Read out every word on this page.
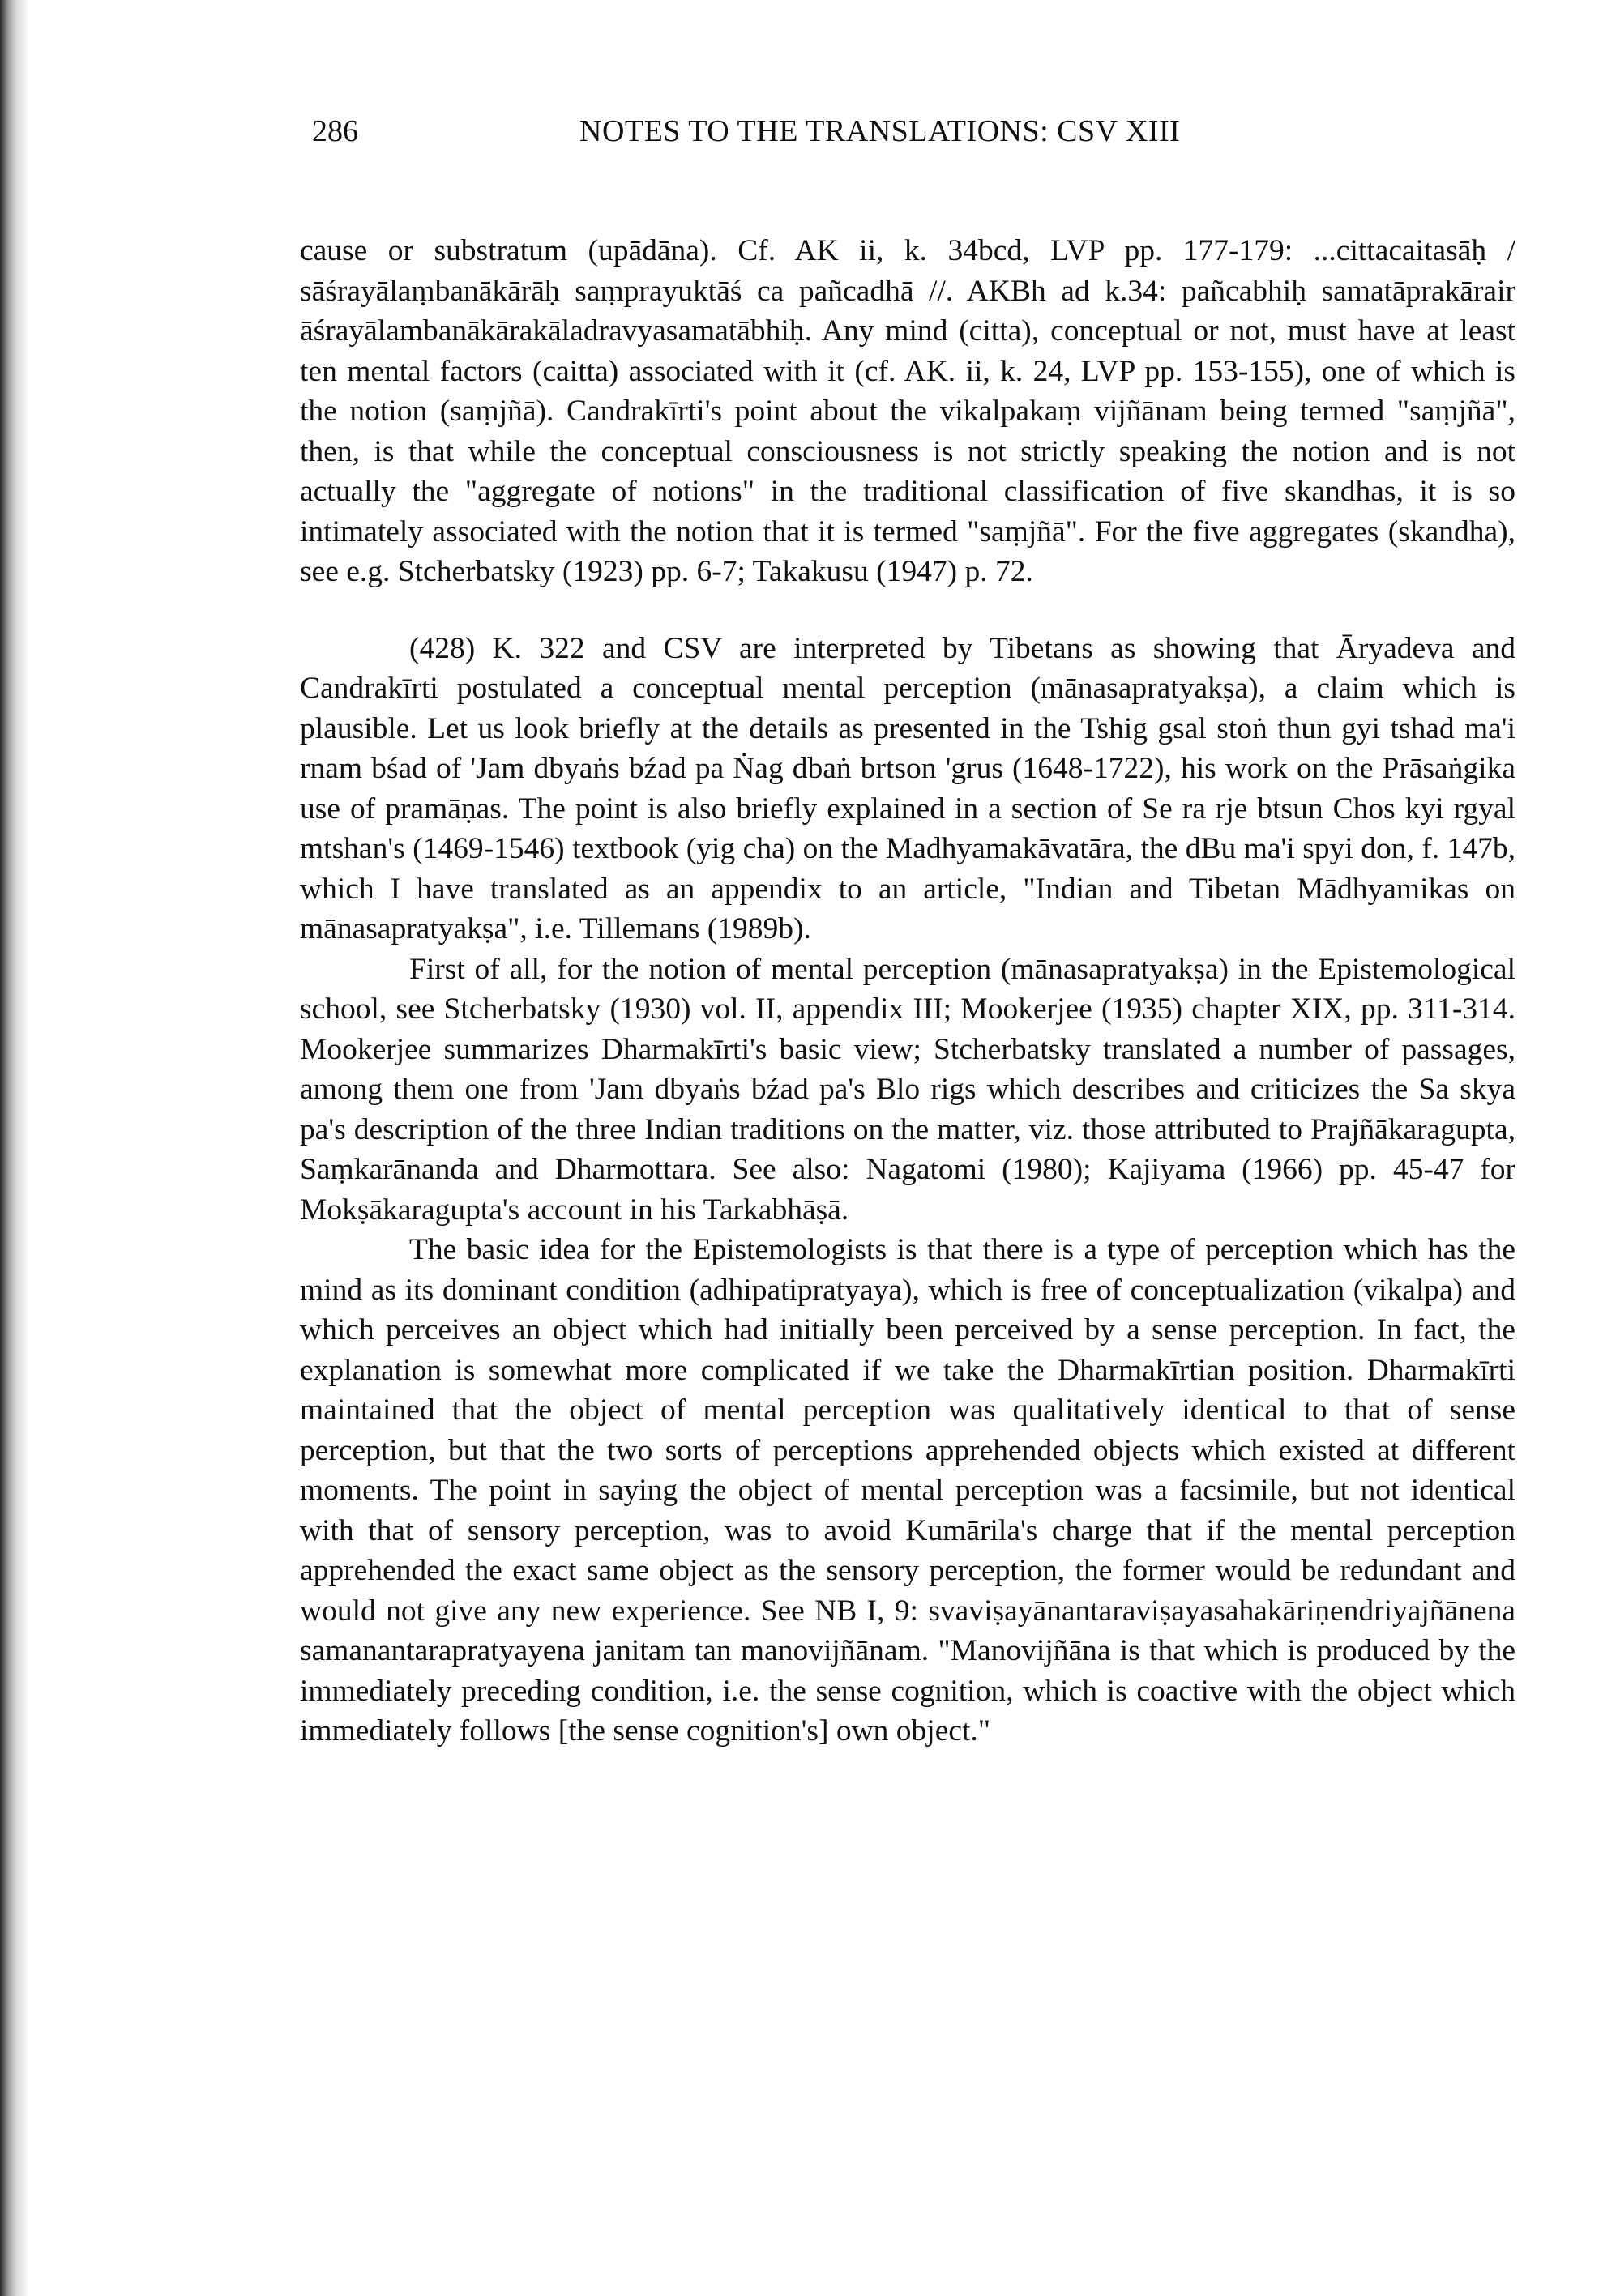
286	NOTES TO THE TRANSLATIONS: CSV XIII

cause or substratum (upādāna). Cf. AK ii, k. 34bcd, LVP pp. 177-179: ...cittacaitasāḥ / sāśrayālaṃbanākārāḥ saṃprayuktāś ca pañcadhā //. AKBh ad k.34: pañcabhiḥ samatāprakārair āśrayālambanākārakāladravyasamatābhiḥ. Any mind (citta), conceptual or not, must have at least ten mental factors (caitta) associated with it (cf. AK. ii, k. 24, LVP pp. 153-155), one of which is the notion (saṃjñā). Candrakīrti's point about the vikalpakaṃ vijñānam being termed "saṃjñā", then, is that while the conceptual consciousness is not strictly speaking the notion and is not actually the "aggregate of notions" in the traditional classification of five skandhas, it is so intimately associated with the notion that it is termed "saṃjñā". For the five aggregates (skandha), see e.g. Stcherbatsky (1923) pp. 6-7; Takakusu (1947) p. 72.

(428) K. 322 and CSV are interpreted by Tibetans as showing that Āryadeva and Candrakīrti postulated a conceptual mental perception (mānasapratyakṣa), a claim which is plausible. Let us look briefly at the details as presented in the Tshig gsal stoṅ thun gyi tshad ma'i rnam bśad of 'Jam dbyaṅs bźad pa Ṅag dbaṅ brtson 'grus (1648-1722), his work on the Prāsaṅgika use of pramāṇas. The point is also briefly explained in a section of Se ra rje btsun Chos kyi rgyal mtshan's (1469-1546) textbook (yig cha) on the Madhyamakāvatāra, the dBu ma'i spyi don, f. 147b, which I have translated as an appendix to an article, "Indian and Tibetan Mādhyamikas on mānasapratyakṣa", i.e. Tillemans (1989b).

First of all, for the notion of mental perception (mānasapratyakṣa) in the Epistemological school, see Stcherbatsky (1930) vol. II, appendix III; Mookerjee (1935) chapter XIX, pp. 311-314. Mookerjee summarizes Dharmakīrti's basic view; Stcherbatsky translated a number of passages, among them one from 'Jam dbyaṅs bźad pa's Blo rigs which describes and criticizes the Sa skya pa's description of the three Indian traditions on the matter, viz. those attributed to Prajñākaragupta, Saṃkarānanda and Dharmottara. See also: Nagatomi (1980); Kajiyama (1966) pp. 45-47 for Mokṣākaragupta's account in his Tarkabhāṣā.

The basic idea for the Epistemologists is that there is a type of perception which has the mind as its dominant condition (adhipatipratyaya), which is free of conceptualization (vikalpa) and which perceives an object which had initially been perceived by a sense perception. In fact, the explanation is somewhat more complicated if we take the Dharmakīrtian position. Dharmakīrti maintained that the object of mental perception was qualitatively identical to that of sense perception, but that the two sorts of perceptions apprehended objects which existed at different moments. The point in saying the object of mental perception was a facsimile, but not identical with that of sensory perception, was to avoid Kumārila's charge that if the mental perception apprehended the exact same object as the sensory perception, the former would be redundant and would not give any new experience. See NB I, 9: svaviṣayānantaraviṣayasahakāriṇendriyajñānena samanantarapratyayena janitam tan manovijñānam. "Manovijñāna is that which is produced by the immediately preceding condition, i.e. the sense cognition, which is coactive with the object which immediately follows [the sense cognition's] own object."
